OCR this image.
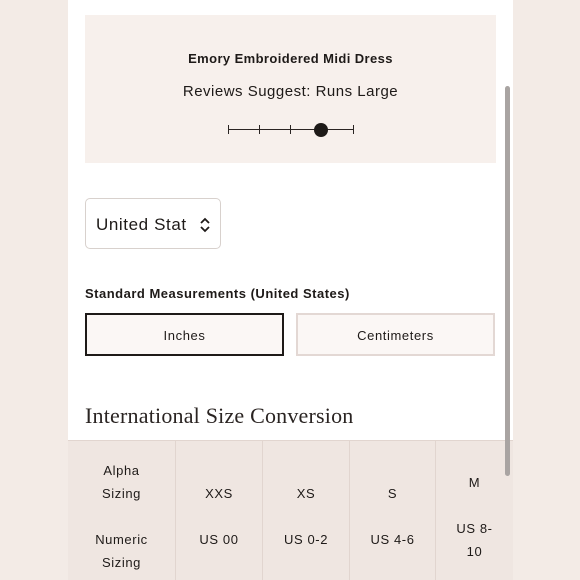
Emory Embroidered Midi Dress
Reviews Suggest: Runs Large
United Stat
Standard Measurements (United States)
Inches	Centimeters
International Size Conversion
Alpha
Sizing
Numeric
Sizing
XXS
US 00
XS
US 0-2
S
US 4-6
M
US 8-
10
